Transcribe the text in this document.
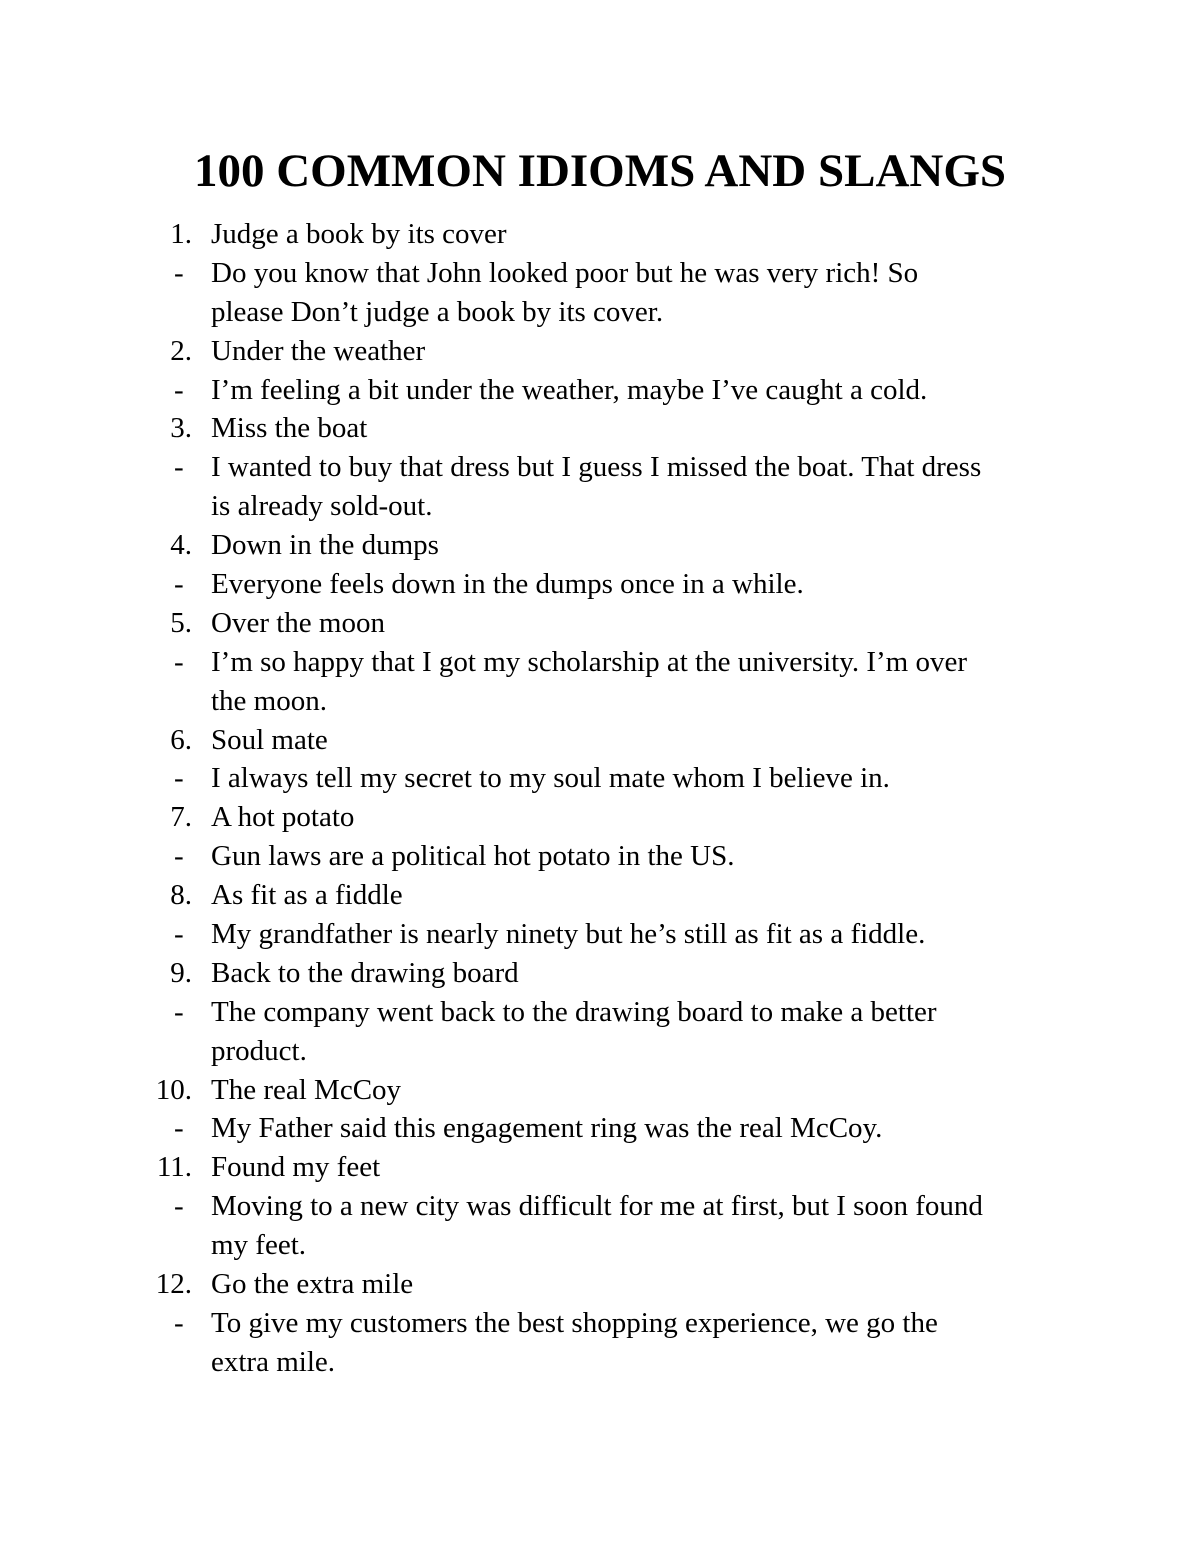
100 COMMON IDIOMS AND SLANGS
1. Judge a book by its cover
- Do you know that John looked poor but he was very rich! So
please Don’t judge a book by its cover.
2. Under the weather
- I’m feeling a bit under the weather, maybe I’ve caught a cold.
3. Miss the boat
- I wanted to buy that dress but I guess I missed the boat. That dress
is already sold-out.
4. Down in the dumps
- Everyone feels down in the dumps once in a while.
5. Over the moon
- I’m so happy that I got my scholarship at the university. I’m over
the moon.
6. Soul mate
- I always tell my secret to my soul mate whom I believe in.
7. A hot potato
- Gun laws are a political hot potato in the US.
8. As fit as a fiddle
- My grandfather is nearly ninety but he’s still as fit as a fiddle.
9. Back to the drawing board
- The company went back to the drawing board to make a better
product.
10. The real McCoy
- My Father said this engagement ring was the real McCoy.
11. Found my feet
- Moving to a new city was difficult for me at first, but I soon found
my feet.
12. Go the extra mile
- To give my customers the best shopping experience, we go the
extra mile.
